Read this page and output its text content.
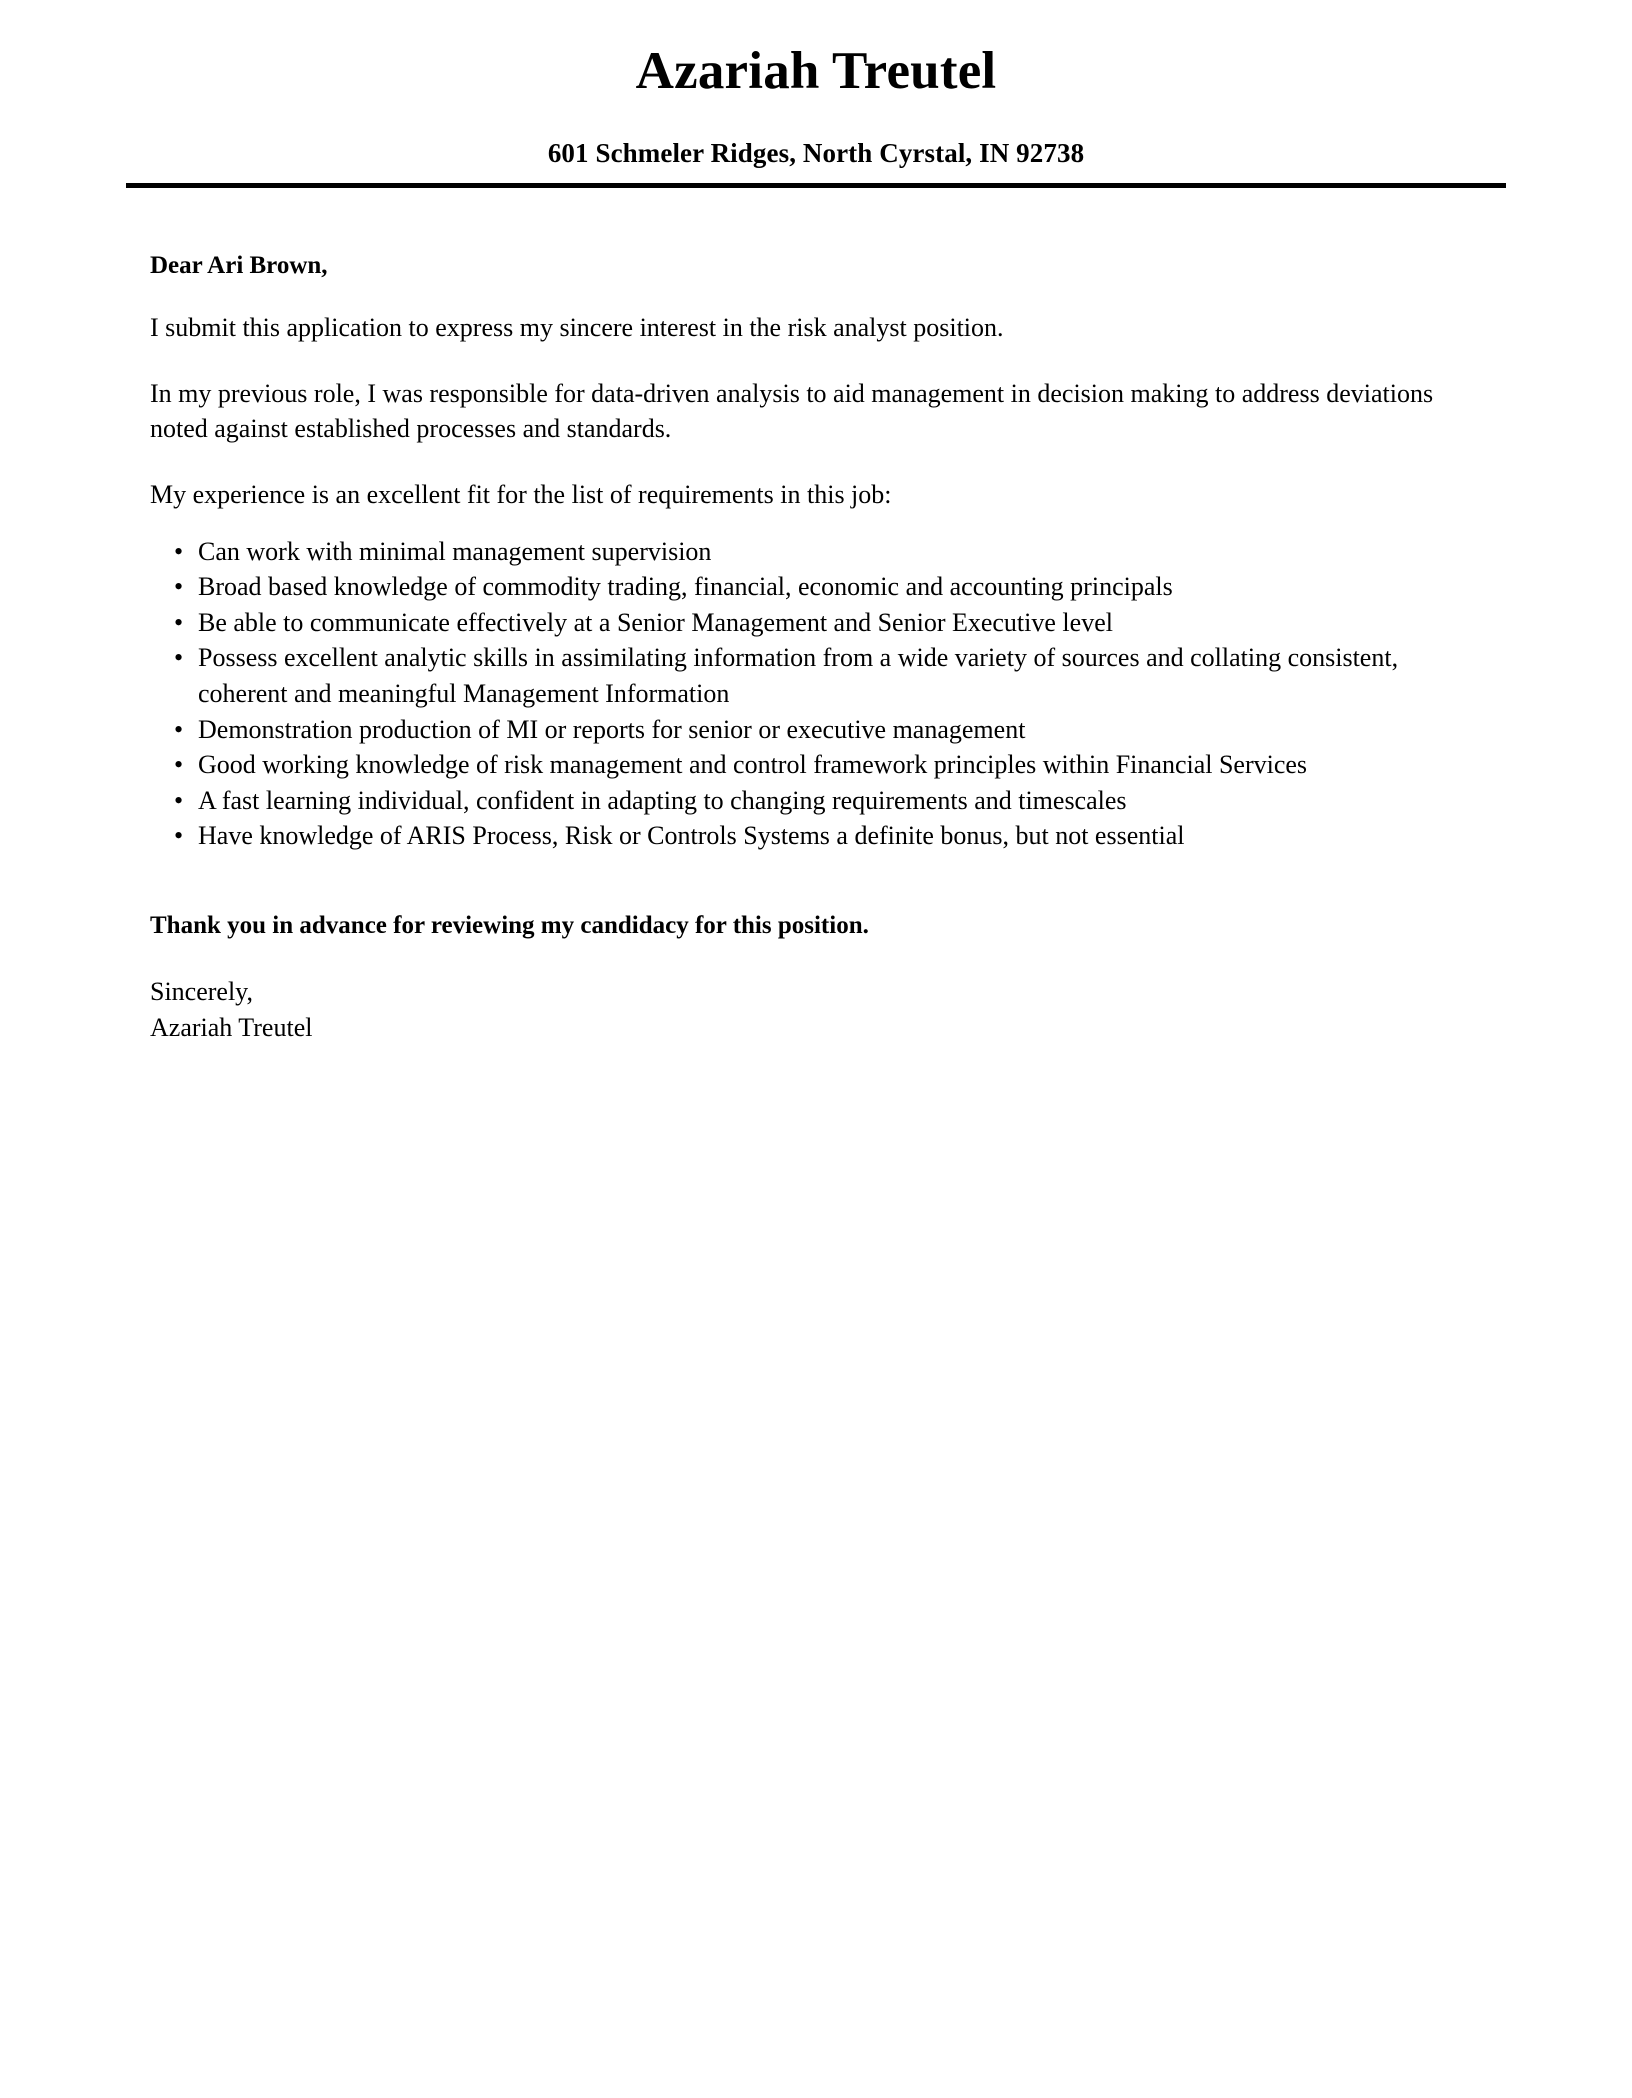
Azariah Treutel

601 Schmeler Ridges, North Cyrstal, IN 92738

Dear Ari Brown,

I submit this application to express my sincere interest in the risk analyst position.

In my previous role, I was responsible for data-driven analysis to aid management in decision making to address deviations noted against established processes and standards.

My experience is an excellent fit for the list of requirements in this job:

• Can work with minimal management supervision
• Broad based knowledge of commodity trading, financial, economic and accounting principals
• Be able to communicate effectively at a Senior Management and Senior Executive level
• Possess excellent analytic skills in assimilating information from a wide variety of sources and collating consistent, coherent and meaningful Management Information
• Demonstration production of MI or reports for senior or executive management
• Good working knowledge of risk management and control framework principles within Financial Services
• A fast learning individual, confident in adapting to changing requirements and timescales
• Have knowledge of ARIS Process, Risk or Controls Systems a definite bonus, but not essential

Thank you in advance for reviewing my candidacy for this position.

Sincerely,

Azariah Treutel
